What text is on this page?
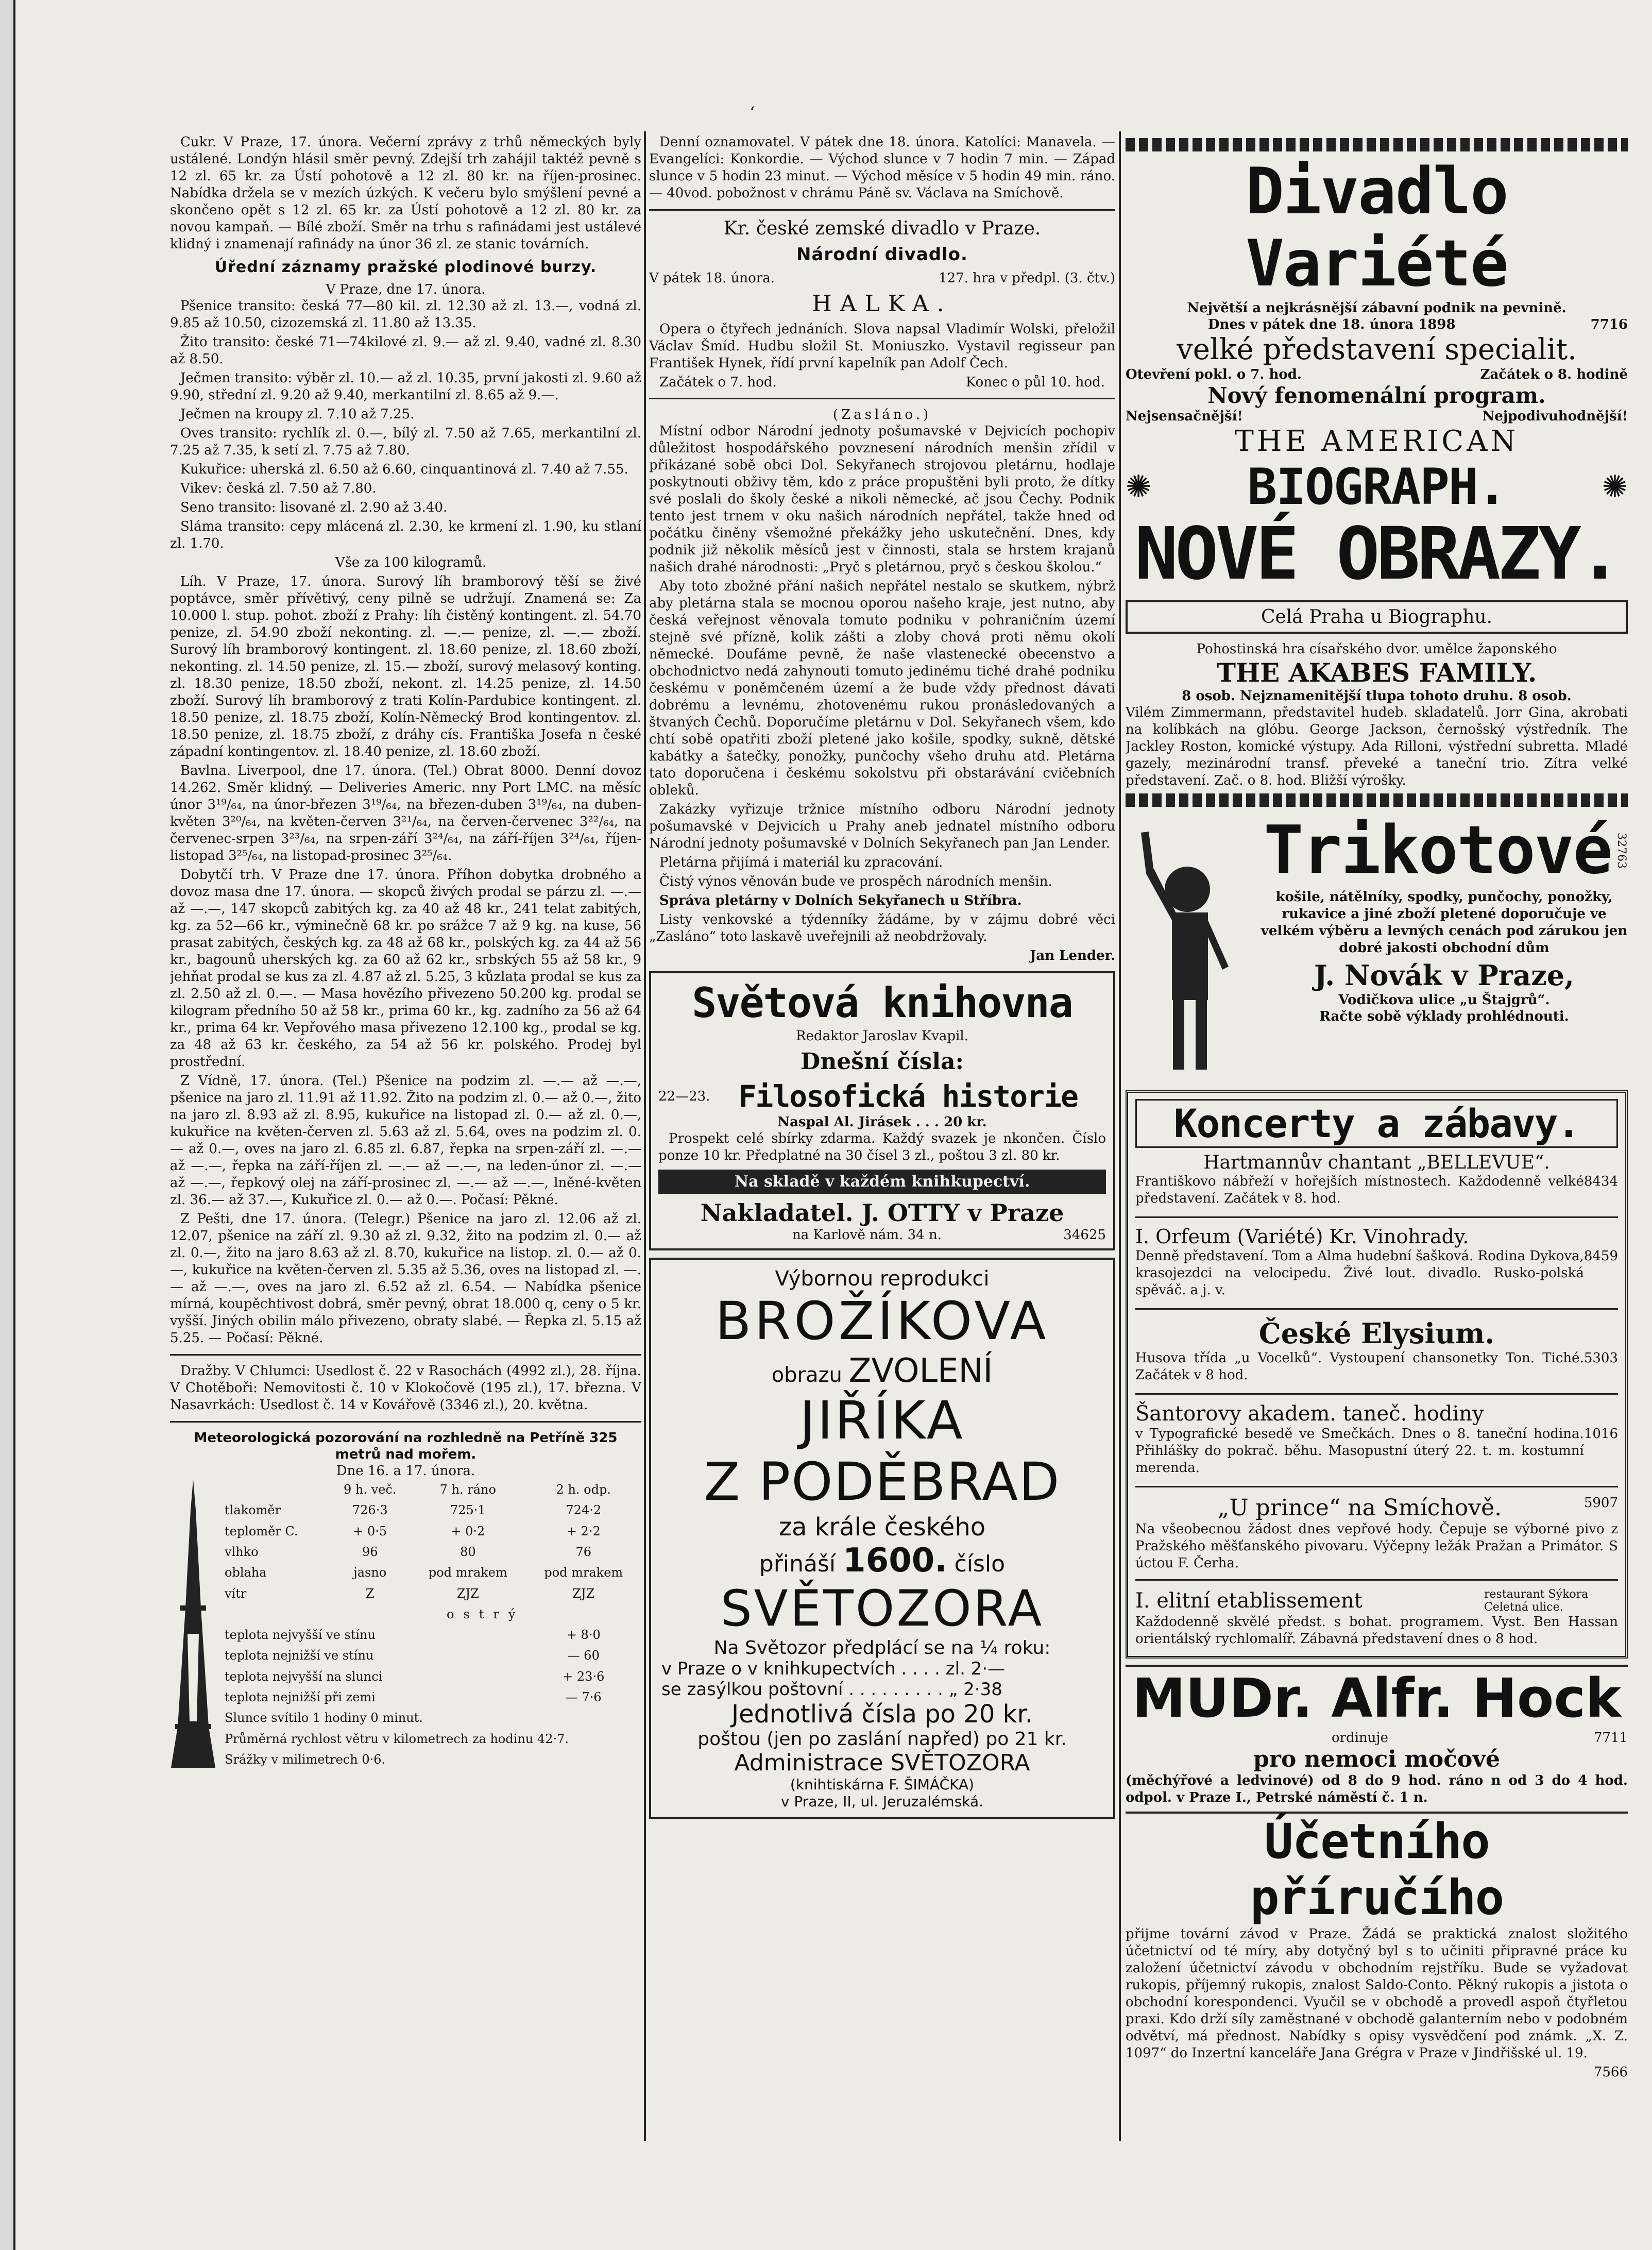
ʻ

Cukr. V Praze, 17. února. Večerní zprávy z trhů německých byly ustálené. Londýn hlásil směr pevný. Zdejší trh zahájil taktéž pevně s 12 zl. 65 kr. za Ústí pohotově a 12 zl. 80 kr. na říjen-prosinec. Nabídka držela se v mezích úzkých. K večeru bylo smýšlení pevné a skončeno opět s 12 zl. 65 kr. za Ústí pohotově a 12 zl. 80 kr. za novou kampaň. — Bílé zboží. Směr na trhu s rafinádami jest ustálevé klidný i znamenají rafinády na únor 36 zl. ze stanic továrních.

Úřední záznamy pražské plodinové burzy.
V Praze, dne 17. února.

Pšenice transito: česká 77—80 kil. zl. 12.30 až zl. 13.—, vodná zl. 9.85 až 10.50, cizozemská zl. 11.80 až 13.35.

Žito transito: české 71—74kilové zl. 9.— až zl. 9.40, vadné zl. 8.30 až 8.50.

Ječmen transito: výběr zl. 10.— až zl. 10.35, první jakosti zl. 9.60 až 9.90, střední zl. 9.20 až 9.40, merkantilní zl. 8.65 až 9.—.

Ječmen na kroupy zl. 7.10 až 7.25.

Oves transito: rychlík zl. 0.—, bílý zl. 7.50 až 7.65, merkantilní zl. 7.25 až 7.35, k setí zl. 7.75 až 7.80.

Kukuřice: uherská zl. 6.50 až 6.60, cinquantinová zl. 7.40 až 7.55.

Vikev: česká zl. 7.50 až 7.80.

Seno transito: lisované zl. 2.90 až 3.40.

Sláma transito: cepy mlácená zl. 2.30, ke krmení zl. 1.90, ku stlaní zl. 1.70.

Vše za 100 kilogramů.

Líh. V Praze, 17. února. Surový líh bramborový těší se živé poptávce, směr přívětivý, ceny pilně se udržují. Znamená se: Za 10.000 l. stup. pohot. zboží z Prahy: líh čistěný kontingent. zl. 54.70 penize, zl. 54.90 zboží nekonting. zl. —.— penize, zl. —.— zboží. Surový líh bramborový kontingent. zl. 18.60 penize, zl. 18.60 zboží, nekonting. zl. 14.50 penize, zl. 15.— zboží, surový melasový konting. zl. 18.30 penize, 18.50 zboží, nekont. zl. 14.25 penize, zl. 14.50 zboží. Surový líh bramborový z trati Kolín-Pardubice kontingent. zl. 18.50 penize, zl. 18.75 zboží, Kolín-Německý Brod kontingentov. zl. 18.50 penize, zl. 18.75 zboží, z dráhy cís. Františka Josefa n české západní kontingentov. zl. 18.40 penize, zl. 18.60 zboží.

Bavlna. Liverpool, dne 17. února. (Tel.) Obrat 8000. Denní dovoz 14.262. Směr klidný. — Deliveries Americ. nny Port LMC. na měsíc únor 3¹⁹/₆₄, na únor-březen 3¹⁹/₆₄, na březen-duben 3¹⁹/₆₄, na duben-květen 3²⁰/₆₄, na květen-červen 3²¹/₆₄, na červen-červenec 3²²/₆₄, na červenec-srpen 3²³/₆₄, na srpen-září 3²⁴/₆₄, na září-říjen 3²⁴/₆₄, říjen-listopad 3²⁵/₆₄, na listopad-prosinec 3²⁵/₆₄.

Dobytčí trh. V Praze dne 17. února. Příhon dobytka drobného a dovoz masa dne 17. února. — skopců živých prodal se párzu zl. —.— až —.—, 147 skopců zabitých kg. za 40 až 48 kr., 241 telat zabitých, kg. za 52—66 kr., výminečně 68 kr. po srážce 7 až 9 kg. na kuse, 56 prasat zabitých, českých kg. za 48 až 68 kr., polských kg. za 44 až 56 kr., bagounů uherských kg. za 60 až 62 kr., srbských 55 až 58 kr., 9 jehňat prodal se kus za zl. 4.87 až zl. 5.25, 3 kůzlata prodal se kus za zl. 2.50 až zl. 0.—. — Masa hovězího přivezeno 50.200 kg. prodal se kilogram předního 50 až 58 kr., prima 60 kr., kg. zadního za 56 až 64 kr., prima 64 kr. Vepřového masa přivezeno 12.100 kg., prodal se kg. za 48 až 63 kr. českého, za 54 až 56 kr. polského. Prodej byl prostřední.

Z Vídně, 17. února. (Tel.) Pšenice na podzim zl. —.— až —.—, pšenice na jaro zl. 11.91 až 11.92. Žito na podzim zl. 0.— až 0.—, žito na jaro zl. 8.93 až zl. 8.95, kukuřice na listopad zl. 0.— až zl. 0.—, kukuřice na květen-červen zl. 5.63 až zl. 5.64, oves na podzim zl. 0.— až 0.—, oves na jaro zl. 6.85 zl. 6.87, řepka na srpen-září zl. —.— až —.—, řepka na září-říjen zl. —.— až —.—, na leden-únor zl. —.— až —.—, řepkový olej na září-prosinec zl. —.— až —.—, lněné-květen zl. 36.— až 37.—, Kukuřice zl. 0.— až 0.—. Počasí: Pěkné.

Z Pešti, dne 17. února. (Telegr.) Pšenice na jaro zl. 12.06 až zl. 12.07, pšenice na září zl. 9.30 až zl. 9.32, žito na podzim zl. 0.— až zl. 0.—, žito na jaro 8.63 až zl. 8.70, kukuřice na listop. zl. 0.— až 0.—, kukuřice na květen-červen zl. 5.35 až 5.36, oves na listopad zl. —.— až —.—, oves na jaro zl. 6.52 až zl. 6.54. — Nabídka pšenice mírná, koupěchtivost dobrá, směr pevný, obrat 18.000 q, ceny o 5 kr. vyšší. Jiných obilin málo přivezeno, obraty slabé. — Řepka zl. 5.15 až 5.25. — Počasí: Pěkné.

Dražby. V Chlumci: Usedlost č. 22 v Rasochách (4992 zl.), 28. října. V Chotěboři: Nemovitosti č. 10 v Klokočově (195 zl.), 17. března. V Nasavrkách: Usedlost č. 14 v Kovářově (3346 zl.), 20. května.

Meteorologická pozorování na rozhledně na Petříně 325 metrů nad mořem.
Dne 16. a 17. února.
	9 h. več.	7 h. ráno	2 h. odp.
tlakoměr	726·3	725·1	724·2
teploměr C.	+ 0·5	+ 0·2	+ 2·2
vlhko	96	80	76
oblaha	jasno	pod mrakem	pod mrakem
vítr	Z	ZJZ	ZJZ
	ostrý		
teplota nejvyšší ve stínu			+ 8·0
teplota nejnižší ve stínu			— 60
teplota nejvyšší na slunci			+ 23·6
teplota nejnižší při zemi			— 7·6
Slunce svítilo 1 hodiny 0 minut.			
Průměrná rychlost větru v kilometrech za hodinu 42·7.			
Srážky v milimetrech 0·6.			

Denní oznamovatel. V pátek dne 18. února. Katolíci: Manavela. — Evangelíci: Konkordie. — Východ slunce v 7 hodin 7 min. — Západ slunce v 5 hodin 23 minut. — Východ měsíce v 5 hodin 49 min. ráno. — 40vod. pobožnost v chrámu Páně sv. Václava na Smíchově.

Kr. české zemské divadlo v Praze.
Národní divadlo.
V pátek 18. února.	127. hra v předpl. (3. čtv.)
HALKA.

Opera o čtyřech jednáních. Slova napsal Vladimír Wolski, přeložil Václav Šmíd. Hudbu složil St. Moniuszko. Vystavil regisseur pan František Hynek, řídí první kapelník pan Adolf Čech.

Začátek o 7. hod.	Konec o půl 10. hod.
(Zasláno.)

Místní odbor Národní jednoty pošumavské v Dejvicích pochopiv důležitost hospodářského povznesení národních menšin zřídil v přikázané sobě obci Dol. Sekyřanech strojovou pletárnu, hodlaje poskytnouti obživy těm, kdo z práce propuštěni byli proto, že dítky své poslali do školy české a nikoli německé, ač jsou Čechy. Podnik tento jest trnem v oku našich národních nepřátel, takže hned od počátku činěny všemožné překážky jeho uskutečnění. Dnes, kdy podnik již několik měsíců jest v činnosti, stala se hrstem krajanů našich drahé národnosti: „Pryč s pletárnou, pryč s českou školou.“

Aby toto zbožné přání našich nepřátel nestalo se skutkem, nýbrž aby pletárna stala se mocnou oporou našeho kraje, jest nutno, aby česká veřejnost věnovala tomuto podniku v pohraničním území stejně své přízně, kolik zášti a zloby chová proti němu okolí německé. Doufáme pevně, že naše vlastenecké obecenstvo a obchodnictvo nedá zahynouti tomuto jedinému tiché drahé podniku českému v poněmčeném území a že bude vždy přednost dávati dobrému a levnému, zhotovenému rukou pronásledovaných a štvaných Čechů. Doporučíme pletárnu v Dol. Sekyřanech všem, kdo chtí sobě opatřiti zboží pletené jako košile, spodky, sukně, dětské kabátky a šatečky, ponožky, punčochy všeho druhu atd. Pletárna tato doporučena i českému sokolstvu při obstarávání cvičebních obleků.

Zakázky vyřizuje tržnice místního odboru Národní jednoty pošumavské v Dejvicích u Prahy aneb jednatel místního odboru Národní jednoty pošumavské v Dolních Sekyřanech pan Jan Lender.

Pletárna přijímá i materiál ku zpracování.

Čistý výnos věnován bude ve prospěch národních menšin.

Správa pletárny v Dolních Sekyřanech u Stříbra.

Listy venkovské a týdenníky žádáme, by v zájmu dobré věci „Zasláno“ toto laskavě uveřejnili až neobdržovaly.

Jan Lender.
Světová knihovna
Redaktor Jaroslav Kvapil.
Dnešní čísla:
22—23. Filosofická historie
Naspal Al. Jirásek . . . 20 kr.

Prospekt celé sbírky zdarma. Každý svazek je nkončen. Číslo ponze 10 kr. Předplatné na 30 čísel 3 zl., poštou 3 zl. 80 kr.

Na skladě v každém knihkupectví.
Nakladatel. J. OTTY v Praze
na Karlově nám. 34 n.	34625
Výbornou reprodukci
BROŽÍKOVA
obrazu ZVOLENÍ
JIŘÍKA
Z PODĚBRAD
za krále českého
přináší 1600. číslo
SVĚTOZORA
Na Světozor předplácí se na ¼ roku:
v Praze o v knihkupectvích . . . . zl. 2·—
se zasýlkou poštovní . . . . . . . . . „ 2·38
Jednotlivá čísla po 20 kr.
poštou (jen po zaslání napřed) po 21 kr.
Administrace SVĚTOZORA
(knihtiskárna F. ŠIMÁČKA)
v Praze, II, ul. Jeruzalémská.
Divadlo Variété
Největší a nejkrásnější zábavní podnik na pevnině.
Dnes v pátek dne 18. února 1898	7716
velké představení specialit.
Otevření pokl. o 7. hod.	Začátek o 8. hodině
Nový fenomenální program.
Nejsensačnější!	Nejpodivuhodnější!
THE AMERICAN
✺ BIOGRAPH.	✺
NOVÉ OBRAZY.
Celá Praha u Biographu.
Pohostinská hra císařského dvor. umělce žaponského
THE AKABES FAMILY.
8 osob. Nejznamenitější tlupa tohoto druhu. 8 osob.

Vilém Zimmermann, představitel hudeb. skladatelů. Jorr Gina, akrobati na kolíbkách na glóbu. George Jackson, černošský výstředník. The Jackley Roston, komické výstupy. Ada Rilloni, výstřední subretta. Mladé gazely, mezinárodní transf. převeké a taneční trio. Zítra velké představení. Zač. o 8. hod. Bližší výrošky.

Trikotové 32763

košile, nátělníky, spodky, punčochy, ponožky, rukavice a jiné zboží pletené doporučuje ve velkém výběru a levných cenách pod zárukou jen dobré jakosti obchodní dům

J. Novák v Praze,
Vodičkova ulice „u Štajgrů“.
Račte sobě výklady prohlédnouti.
Koncerty a zábavy.
Hartmannův chantant „BELLEVUE“.
Františkovo nábřeží v hořejších místnostech. Každodenně velké představení. Začátek v 8. hod.
8434
I. Orfeum (Variété) Kr. Vinohrady.
Denně představení. Tom a Alma hudební šašková. Rodina Dykova, krasojezdci na velocipedu. Živé lout. divadlo. Rusko-polská spěváč. a j. v.
8459
České Elysium.
Husova třída „u Vocelků“. Vystoupení chansonetky Ton. Tiché. Začátek v 8 hod.
5303
Šantorovy akadem. taneč. hodiny
v Typografické besedě ve Smečkách. Dnes o 8. taneční hodina. Přihlášky do pokrač. běhu. Masopustní úterý 22. t. m. kostumní merenda.
1016
„U prince“ na Smíchově.	5907

Na všeobecnou žádost dnes vepřové hody. Čepuje se výborné pivo z Pražského měšťanského pivovaru. Výčepny ležák Pražan a Primátor. S úctou F. Čerha.

I. elitní etablissement	restaurant Sýkora Celetná ulice.

Každodenně skvělé předst. s bohat. programem. Vyst. Ben Hassan orientálský rychlomalíř. Zábavná představení dnes o 8 hod.

MUDr. Alfr. Hock
ordinuje	7711
pro nemoci močové

(měchýřové a ledvinové) od 8 do 9 hod. ráno n od 3 do 4 hod. odpol. v Praze I., Petrské náměstí č. 1 n.

Účetního příručího

přijme tovární závod v Praze. Žádá se praktická znalost složitého účetnictví od té míry, aby dotyčný byl s to učiniti připravné práce ku založení účetnictví závodu v obchodním rejstříku. Bude se vyžadovat rukopis, příjemný rukopis, znalost Saldo-Conto. Pěkný rukopis a jistota o obchodní korespondenci. Vyučil se v obchodě a provedl aspoň čtyřletou praxi. Kdo drží síly zaměstnané v obchodě galanterním nebo v podobném odvětví, má přednost. Nabídky s opisy vysvědčení pod známk. „X. Z. 1097“ do Inzertní kanceláře Jana Grégra v Praze v Jindřišské ul. 19.

7566
